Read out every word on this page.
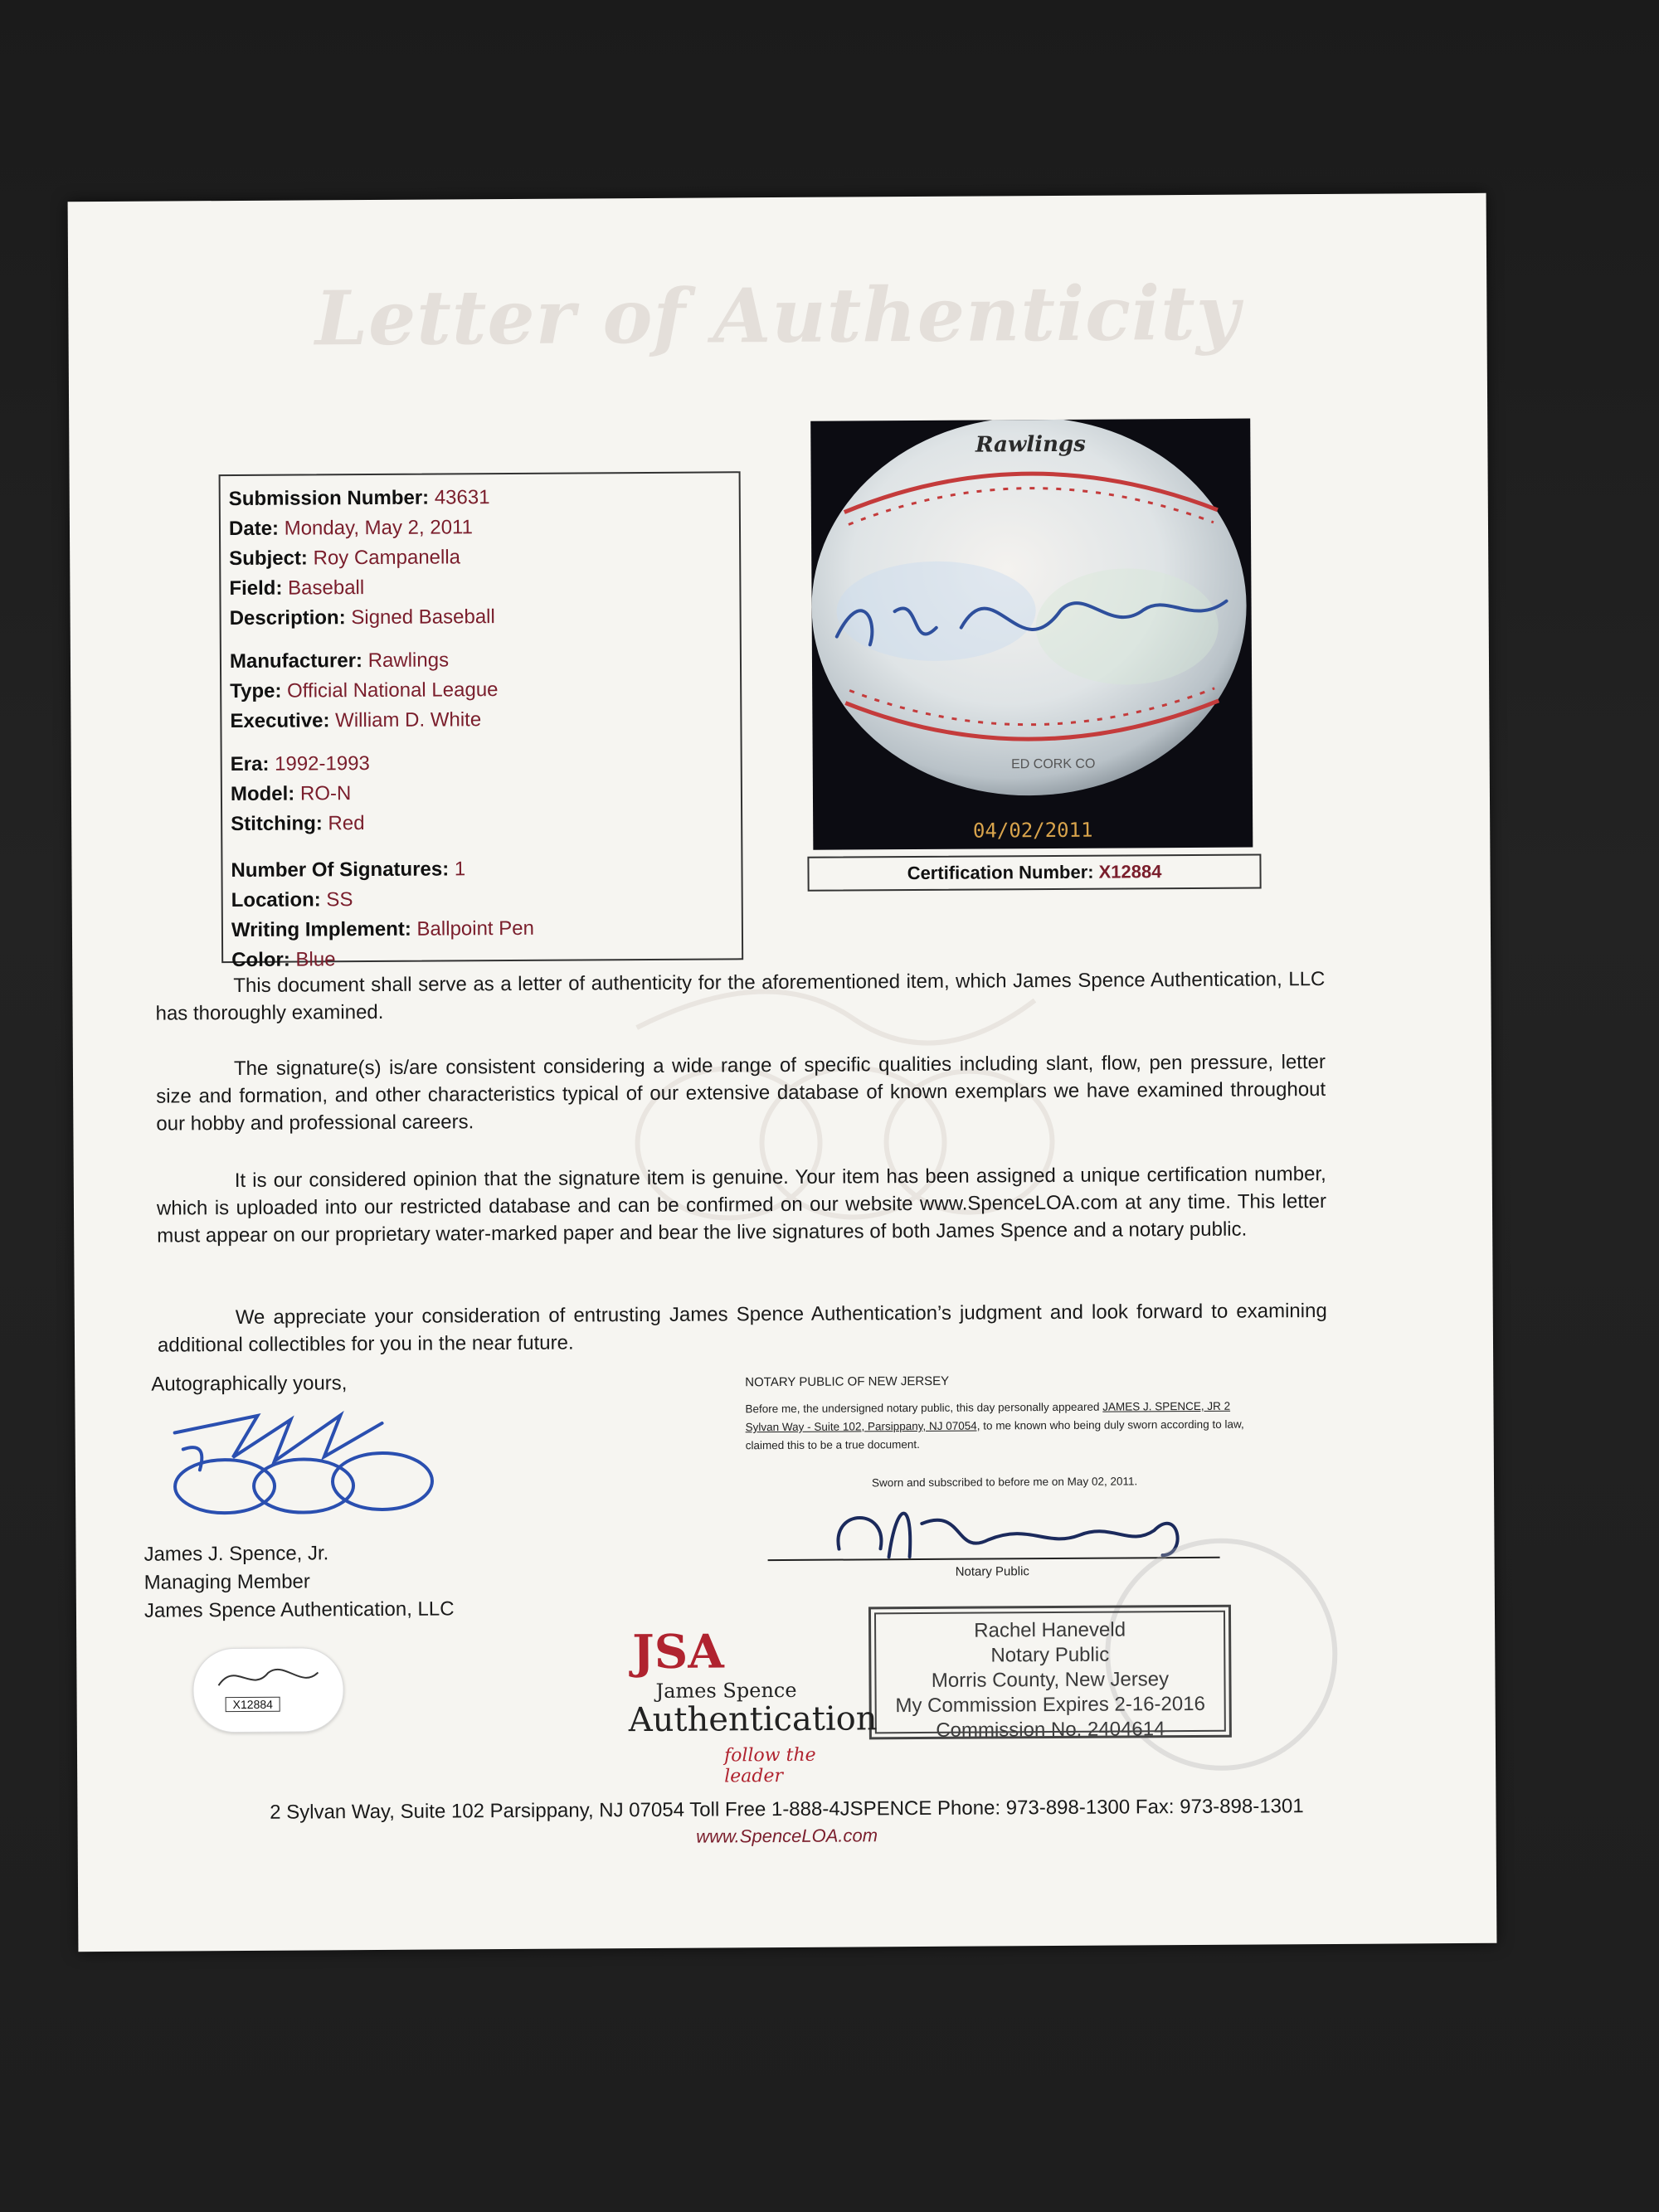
Letter of Authenticity
Submission Number: 43631
Date: Monday, May 2, 2011
Subject: Roy Campanella
Field: Baseball
Description: Signed Baseball
Manufacturer: Rawlings
Type: Official National League
Executive: William D. White
Era: 1992-1993
Model: RO-N
Stitching: Red
Number Of Signatures: 1
Location: SS
Writing Implement: Ballpoint Pen
Color: Blue
Rawlings
ED CORK CO
04/02/2011
Certification Number: X12884
This document shall serve as a letter of authenticity for the aforementioned item, which James Spence Authentication, LLC has thoroughly examined.
The signature(s) is/are consistent considering a wide range of specific qualities including slant, flow, pen pressure, letter size and formation, and other characteristics typical of our extensive database of known exemplars we have examined throughout our hobby and professional careers.
It is our considered opinion that the signature item is genuine. Your item has been assigned a unique certification number, which is uploaded into our restricted database and can be confirmed on our website www.SpenceLOA.com at any time. This letter must appear on our proprietary water-marked paper and bear the live signatures of both James Spence and a notary public.
We appreciate your consideration of entrusting James Spence Authentication’s judgment and look forward to examining additional collectibles for you in the near future.
Autographically yours,
James J. Spence, Jr.
Managing Member
James Spence Authentication, LLC
NOTARY PUBLIC OF NEW JERSEY
Before me, the undersigned notary public, this day personally appeared JAMES J. SPENCE, JR 2 Sylvan Way - Suite 102, Parsippany, NJ 07054, to me known who being duly sworn according to law, claimed this to be a true document.
Sworn and subscribed to before me on May 02, 2011.
Notary Public
Rachel Haneveld
Notary Public
Morris County, New Jersey
My Commission Expires 2-16-2016
Commission No. 2404614
X12884
JSA
James Spence
Authentication
follow the leader
2 Sylvan Way, Suite 102 Parsippany, NJ 07054 Toll Free 1-888-4JSPENCE Phone: 973-898-1300 Fax: 973-898-1301
www.SpenceLOA.com
